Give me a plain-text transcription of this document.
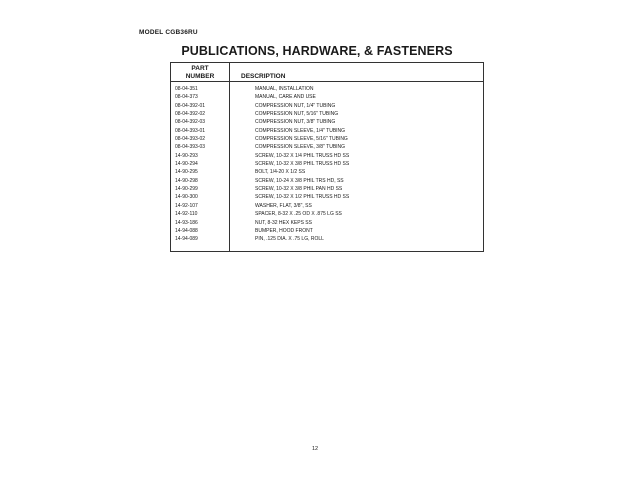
MODEL CGB36RU
PUBLICATIONS, HARDWARE, & FASTENERS
PART
NUMBER	DESCRIPTION
08-04-351	MANUAL, INSTALLATION
08-04-373	MANUAL, CARE AND USE
08-04-392-01	COMPRESSION NUT, 1/4" TUBING
08-04-392-02	COMPRESSION NUT, 5/16" TUBING
08-04-392-03	COMPRESSION NUT, 3/8" TUBING
08-04-393-01	COMPRESSION SLEEVE, 1/4" TUBING
08-04-393-02	COMPRESSION SLEEVE, 5/16" TUBING
08-04-393-03	COMPRESSION SLEEVE, 3/8" TUBING
14-90-293	SCREW, 10-32 X 1/4 PHIL TRUSS HD SS
14-90-294	SCREW, 10-32 X 3/8 PHIL TRUSS HD SS
14-90-295	BOLT, 1/4-20 X 1/2 SS
14-90-298	SCREW, 10-24 X 3/8 PHIL TRS HD, SS
14-90-299	SCREW, 10-32 X 3/8 PHIL PAN HD SS
14-90-300	SCREW, 10-32 X 1/2 PHIL TRUSS HD SS
14-92-107	WASHER, FLAT, 3/8", SS
14-92-110	SPACER, 8-32 X .25 OD X .875 LG SS
14-93-186	NUT, 8-32 HEX KEPS SS
14-94-088	BUMPER, HOOD FRONT
14-94-089	PIN, .125 DIA. X .75 LG, ROLL
12
